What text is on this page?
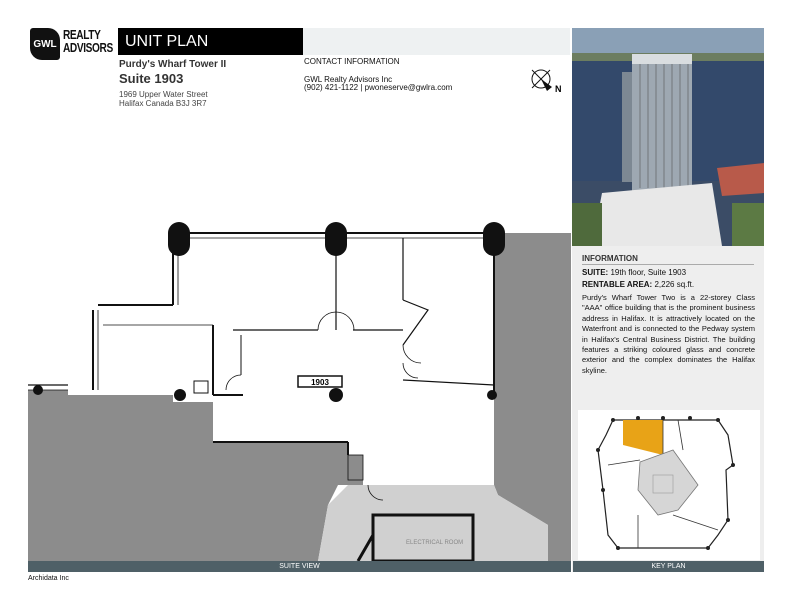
GWL
REALTY
ADVISORS UNIT PLAN
Purdy's Wharf Tower II
Suite 1903
1969 Upper Water Street
Halifax Canada B3J 3R7
CONTACT INFORMATION
GWL Realty Advisors Inc
(902) 421-1122 | pwoneserve@gwlra.com	N
INFORMATION
SUITE: 19th floor, Suite 1903
RENTABLE AREA: 2,226 sq.ft.
Purdy's Wharf Tower Two is a 22-storey Class "AAA" office building that is the prominent business address in Halifax. It is attractively located on the Waterfront and is connected to the Pedway system in Halifax's Central Business District. The building features a striking coloured glass and concrete exterior and the complex dominates the Halifax skyline.
ELECTRICAL ROOM
1903
SUITE VIEW	KEY PLAN
Archidata Inc
